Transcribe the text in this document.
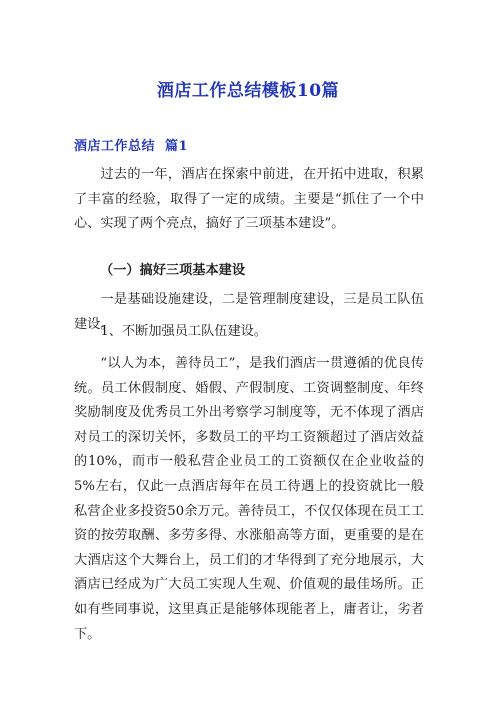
酒店工作总结模板10篇
酒店工作总结  篇1
过去的一年，酒店在探索中前进，在开拓中进取，积累了丰富的经验，取得了一定的成绩。主要是“抓住了一个中心、实现了两个亮点，搞好了三项基本建设”。
（一）搞好三项基本建设
一是基础设施建设，二是管理制度建设，三是员工队伍建设。
1、不断加强员工队伍建设。
“以人为本，善待员工”，是我们酒店一贯遵循的优良传统。员工休假制度、婚假、产假制度、工资调整制度、年终奖励制度及优秀员工外出考察学习制度等，无不体现了酒店对员工的深切关怀，多数员工的平均工资额超过了酒店效益的10%，而市一般私营企业员工的工资额仅在企业收益的5%左右，仅此一点酒店每年在员工待遇上的投资就比一般私营企业多投资50余万元。善待员工，不仅仅体现在员工工资的按劳取酬、多劳多得、水涨船高等方面，更重要的是在大酒店这个大舞台上，员工们的才华得到了充分地展示，大酒店已经成为广大员工实现人生观、价值观的最佳场所。正如有些同事说，这里真正是能够体现能者上，庸者让，劣者下。
